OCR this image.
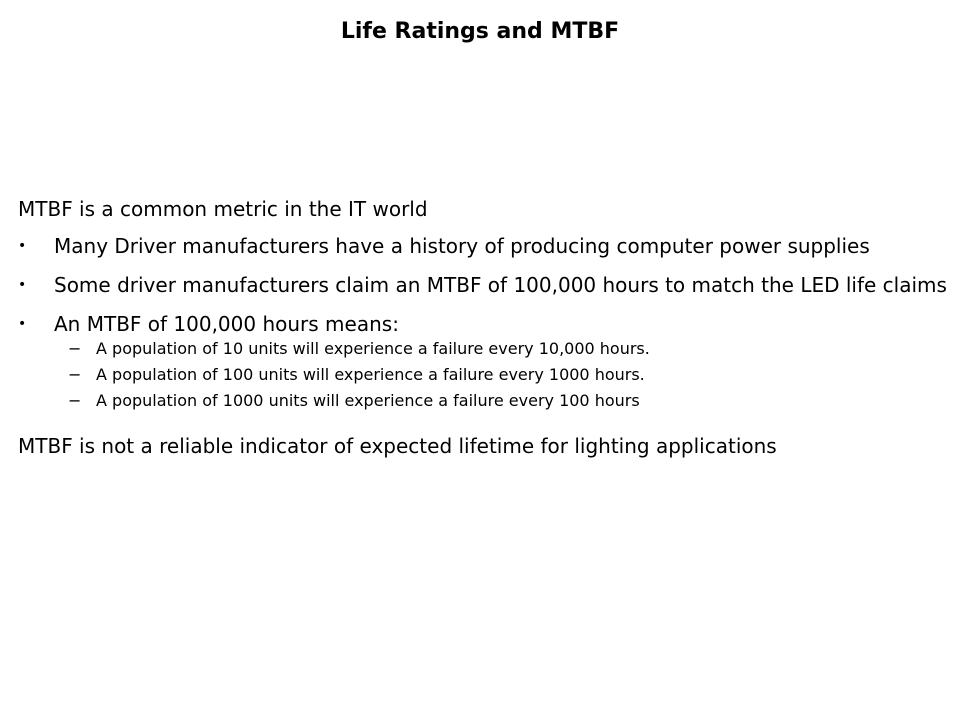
Life Ratings and MTBF

MTBF is a common metric in the IT world

• Many Driver manufacturers have a history of producing computer power supplies
• Some driver manufacturers claim an MTBF of 100,000 hours to match the LED life claims
• An MTBF of 100,000 hours means:
− A population of 10 units will experience a failure every 10,000 hours.
− A population of 100 units will experience a failure every 1000 hours.
− A population of 1000 units will experience a failure every 100 hours

MTBF is not a reliable indicator of expected lifetime for lighting applications
